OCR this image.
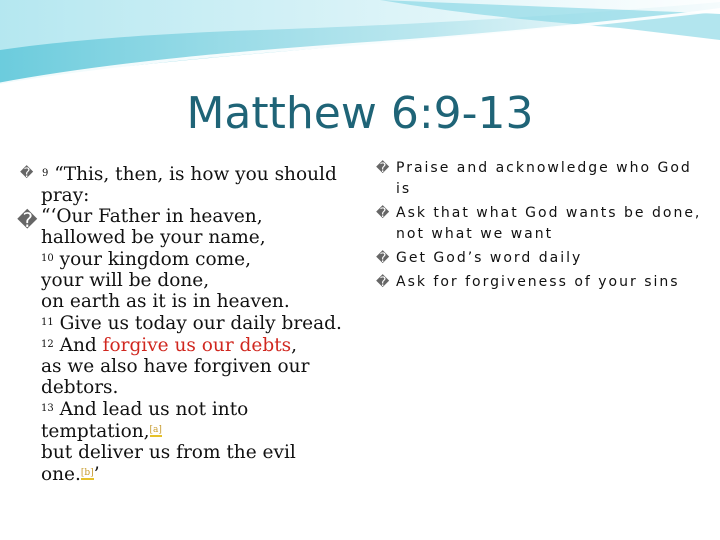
Matthew 6:9-13
�
�
$^9$ “This, then, is how you should
pray:
“‘Our Father in heaven,
hallowed be your name,
$^{10}$ your kingdom come,
your will be done,
on earth as it is in heaven.
$^{11}$ Give us today our daily bread.
$^{12}$ And forgive us our debts,
as we also have forgiven our
debtors.
$^{13}$ And lead us not into
temptation,[a]
but deliver us from the evil
one.[b]’
� Praise and acknowledge who God is
� Ask that what God wants be done, not what we want
� Get God’s word daily
� Ask for forgiveness of your sins
